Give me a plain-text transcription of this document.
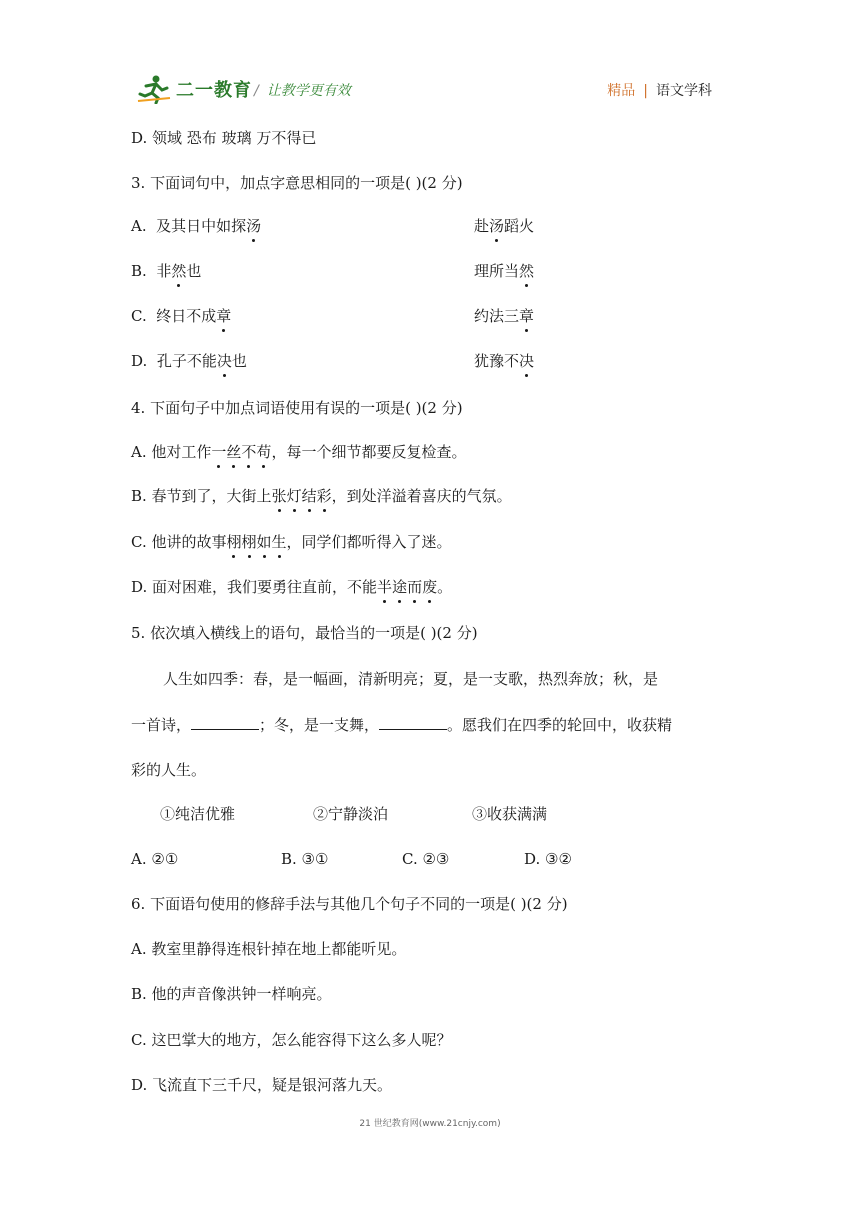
二一教育 / 让教学更有效	精品 | 语文学科
D. 领域 恐布 玻璃 万不得已
3. 下面词句中，加点字意思相同的一项是( )(2 分)
A. 及其日中如探汤	赴汤蹈火
B. 非然也	理所当然
C. 终日不成章	约法三章
D. 孔子不能决也	犹豫不决
4. 下面句子中加点词语使用有误的一项是( )(2 分)
A. 他对工作一丝不苟，每一个细节都要反复检查。
B. 春节到了，大街上张灯结彩，到处洋溢着喜庆的气氛。
C. 他讲的故事栩栩如生，同学们都听得入了迷。
D. 面对困难，我们要勇往直前，不能半途而废。
5. 依次填入横线上的语句，最恰当的一项是( )(2 分)
人生如四季：春，是一幅画，清新明亮；夏，是一支歌，热烈奔放；秋，是
一首诗，	；冬，是一支舞，	。愿我们在四季的轮回中，收获精
彩的人生。
①纯洁优雅	②宁静淡泊	③收获满满
A. ②①	B. ③①	C. ②③	D. ③②
6. 下面语句使用的修辞手法与其他几个句子不同的一项是( )(2 分)
A. 教室里静得连根针掉在地上都能听见。
B. 他的声音像洪钟一样响亮。
C. 这巴掌大的地方，怎么能容得下这么多人呢？
D. 飞流直下三千尺，疑是银河落九天。
21 世纪教育网(www.21cnjy.com)
